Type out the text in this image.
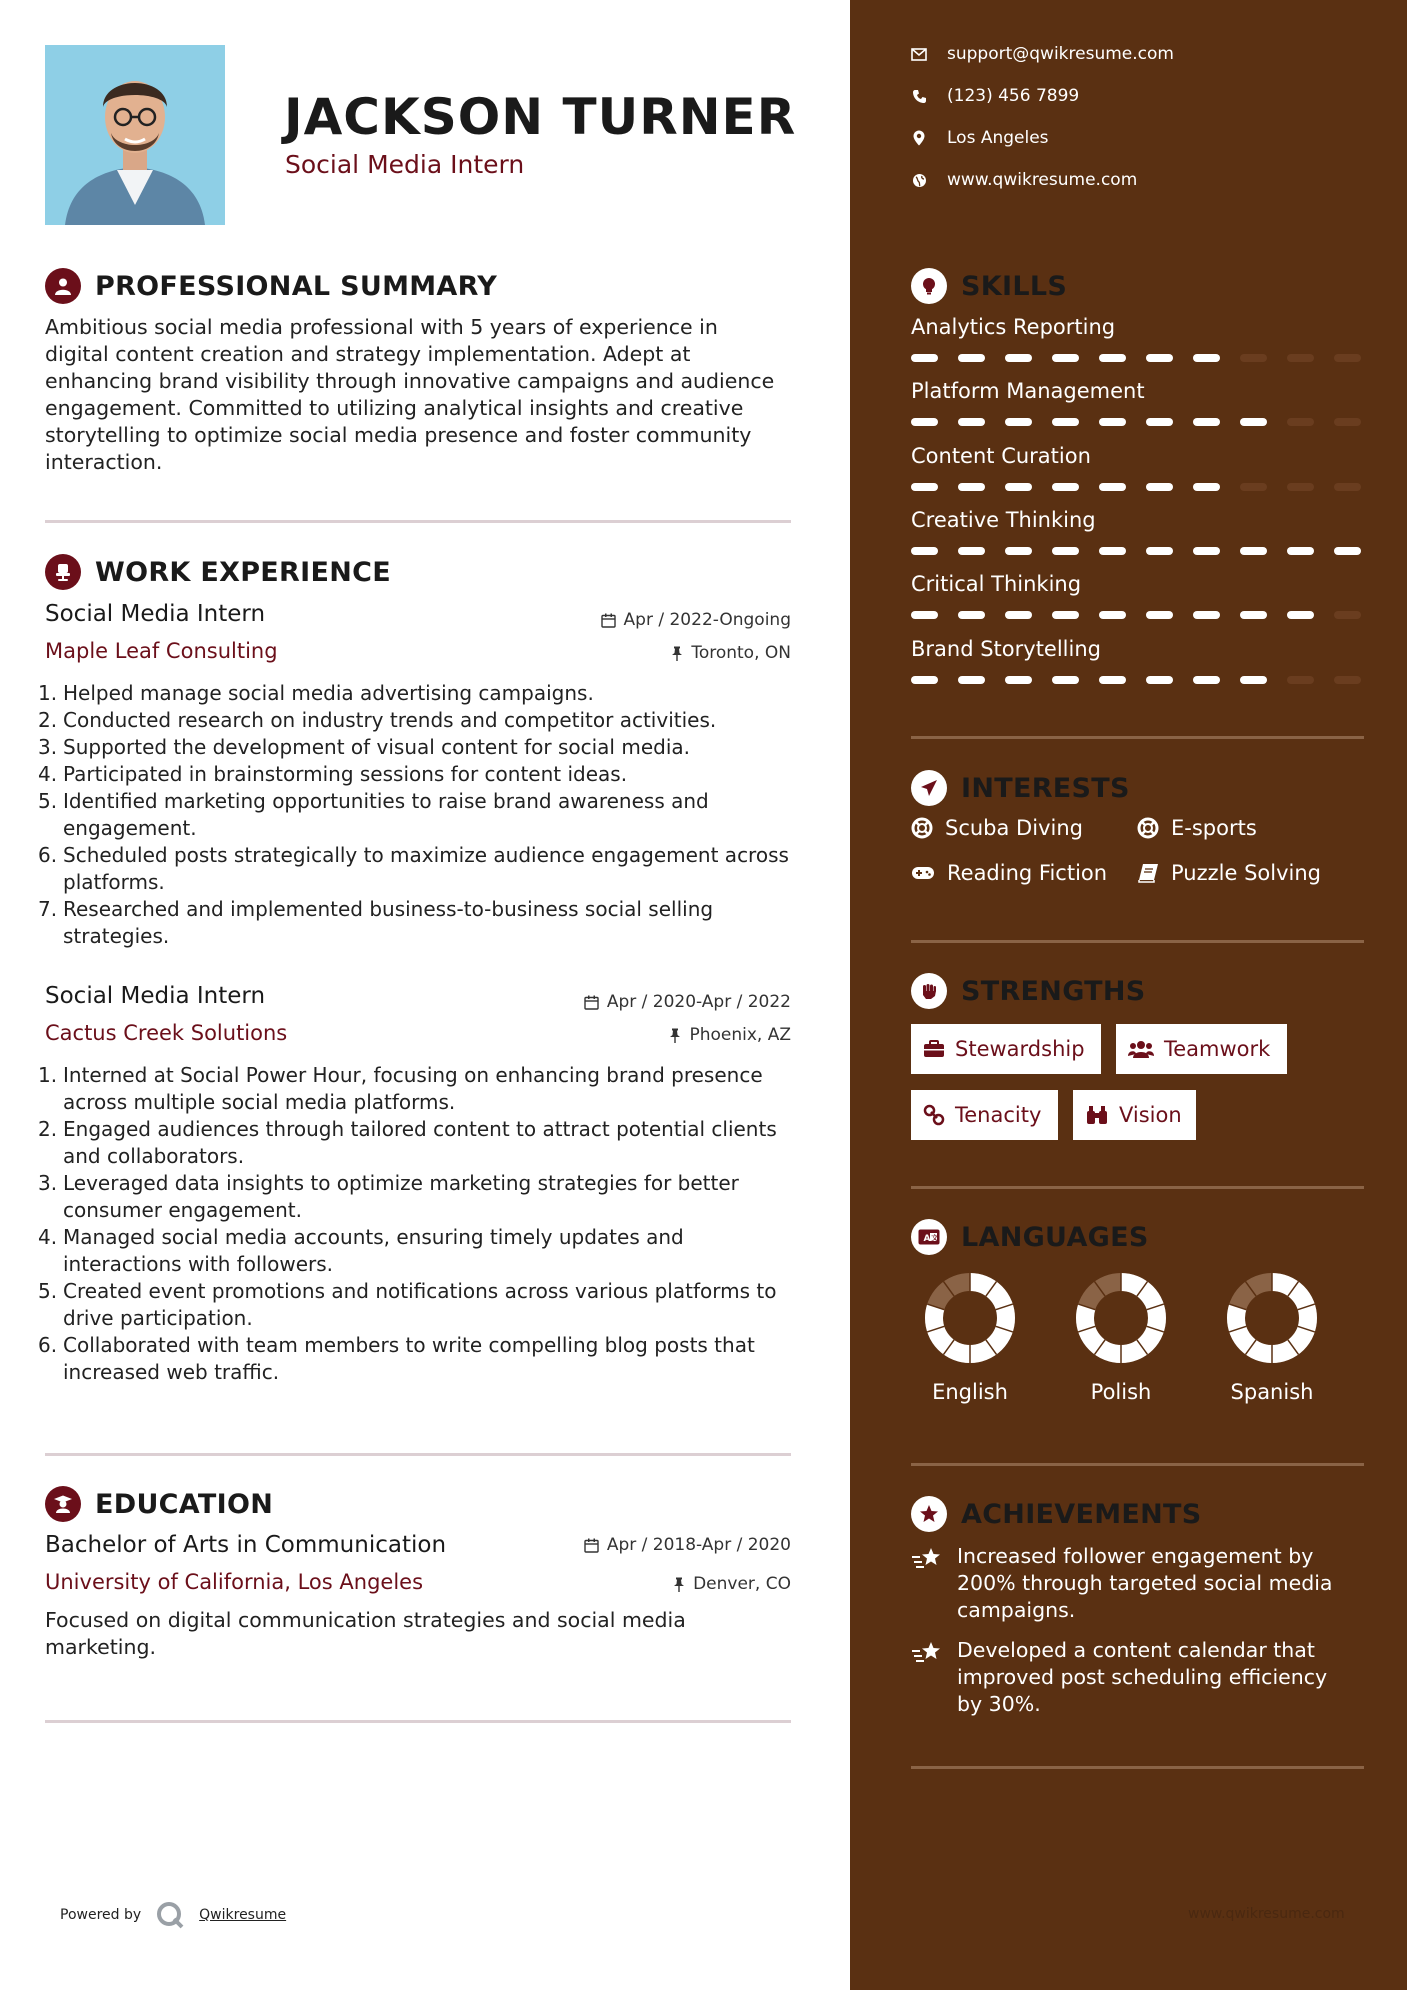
JACKSON TURNER
Social Media Intern
PROFESSIONAL SUMMARY
Ambitious social media professional with 5 years of experience in digital content creation and strategy implementation. Adept at enhancing brand visibility through innovative campaigns and audience engagement. Committed to utilizing analytical insights and creative storytelling to optimize social media presence and foster community interaction.
WORK EXPERIENCE
Social Media Intern	Apr / 2022-Ongoing
Maple Leaf Consulting	Toronto, ON
1. Helped manage social media advertising campaigns.
2. Conducted research on industry trends and competitor activities.
3. Supported the development of visual content for social media.
4. Participated in brainstorming sessions for content ideas.
5. Identified marketing opportunities to raise brand awareness and engagement.
6. Scheduled posts strategically to maximize audience engagement across platforms.
7. Researched and implemented business-to-business social selling strategies.
Social Media Intern	Apr / 2020-Apr / 2022
Cactus Creek Solutions	Phoenix, AZ
1. Interned at Social Power Hour, focusing on enhancing brand presence across multiple social media platforms.
2. Engaged audiences through tailored content to attract potential clients and collaborators.
3. Leveraged data insights to optimize marketing strategies for better consumer engagement.
4. Managed social media accounts, ensuring timely updates and interactions with followers.
5. Created event promotions and notifications across various platforms to drive participation.
6. Collaborated with team members to write compelling blog posts that increased web traffic.
EDUCATION
Bachelor of Arts in Communication	Apr / 2018-Apr / 2020
University of California, Los Angeles	Denver, CO
Focused on digital communication strategies and social media marketing.
Powered by	Qwikresume
support@qwikresume.com
(123) 456 7899
Los Angeles
www.qwikresume.com
SKILLS
Analytics Reporting
Platform Management
Content Curation
Creative Thinking
Critical Thinking
Brand Storytelling
INTERESTS
Scuba Diving	E-sports
Reading Fiction	Puzzle Solving
STRENGTHS
Stewardship	Teamwork
Tenacity	Vision
A 文 LANGUAGES
English	Polish	Spanish
ACHIEVEMENTS
Increased follower engagement by 200% through targeted social media campaigns.
Developed a content calendar that improved post scheduling efficiency by 30%.
www.qwikresume.com
